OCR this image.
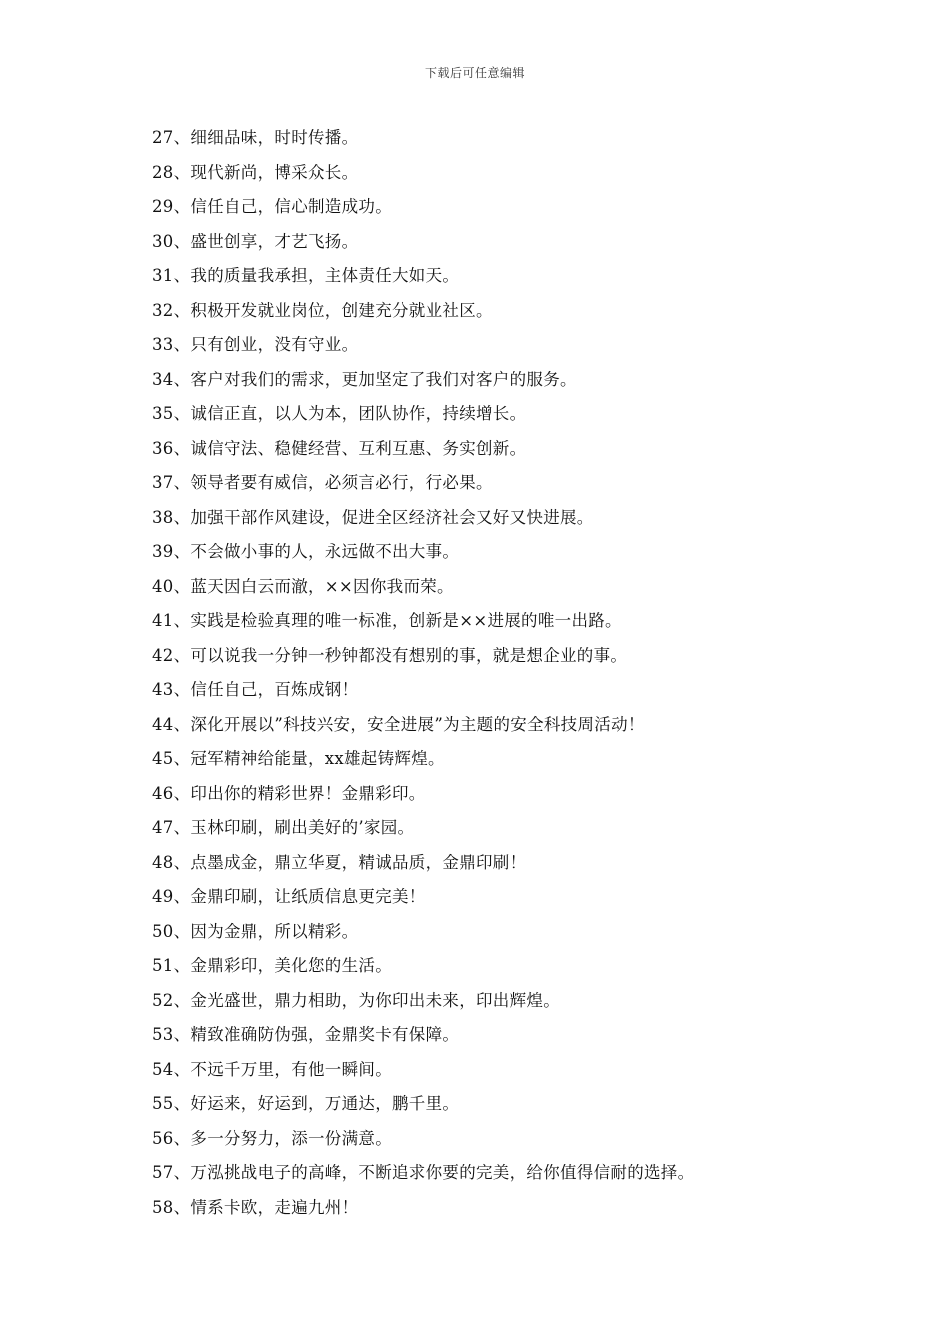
下载后可任意编辑
27、细细品味，时时传播。
28、现代新尚，博采众长。
29、信任自己，信心制造成功。
30、盛世创享，才艺飞扬。
31、我的质量我承担，主体责任大如天。
32、积极开发就业岗位，创建充分就业社区。
33、只有创业，没有守业。
34、客户对我们的需求，更加坚定了我们对客户的服务。
35、诚信正直，以人为本，团队协作，持续增长。
36、诚信守法、稳健经营、互利互惠、务实创新。
37、领导者要有威信，必须言必行，行必果。
38、加强干部作风建设，促进全区经济社会又好又快进展。
39、不会做小事的人，永远做不出大事。
40、蓝天因白云而澈，××因你我而荣。
41、实践是检验真理的唯一标准，创新是××进展的唯一出路。
42、可以说我一分钟一秒钟都没有想别的事，就是想企业的事。
43、信任自己，百炼成钢！
44、深化开展以”科技兴安，安全进展”为主题的安全科技周活动！
45、冠军精神给能量，xx雄起铸辉煌。
46、印出你的精彩世界！金鼎彩印。
47、玉林印刷，刷出美好的’家园。
48、点墨成金，鼎立华夏，精诚品质，金鼎印刷！
49、金鼎印刷，让纸质信息更完美！
50、因为金鼎，所以精彩。
51、金鼎彩印，美化您的生活。
52、金光盛世，鼎力相助，为你印出未来，印出辉煌。
53、精致准确防伪强，金鼎奖卡有保障。
54、不远千万里，有他一瞬间。
55、好运来，好运到，万通达，鹏千里。
56、多一分努力，添一份满意。
57、万泓挑战电子的高峰，不断追求你要的完美，给你值得信耐的选择。
58、情系卡欧，走遍九州！
